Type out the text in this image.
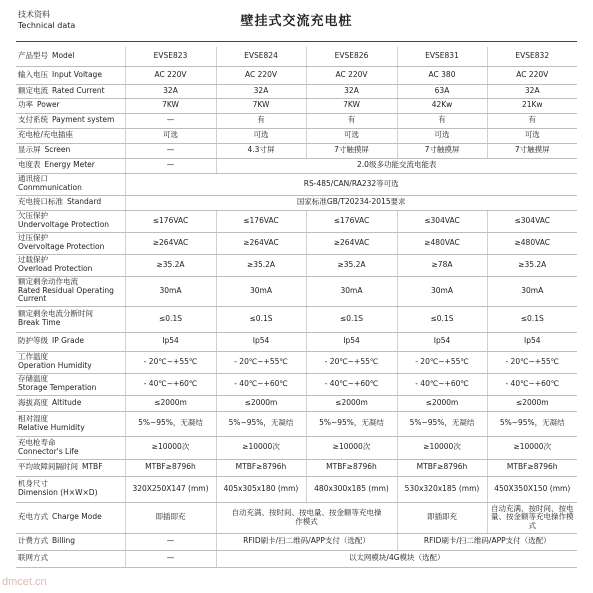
技术资料
Technical data	壁挂式交流充电桩
产品型号 Model	EVSE823	EVSE824	EVSE826	EVSE831	EVSE832
输入电压 Input Voltage	AC 220V	AC 220V	AC 220V	AC 380	AC 220V
额定电流 Rated Current	32A	32A	32A	63A	32A
功率 Power	7KW	7KW	7KW	42Kw	21Kw
支付系统 Payment system	—	有	有	有	有
充电枪/充电插座	可选	可选	可选	可选	可选
显示屏 Screen	—	4.3寸屏	7寸触摸屏	7寸触摸屏	7寸触摸屏
电度表 Energy Meter	—	2.0级多功能交流电能表			

通讯接口
Conmmunication	RS-485/CAN/RA232等可选				
充电接口标准 Standard	国家标准GB/T20234-2015要求				

欠压保护
Undervoltage Protection	≤176VAC	≤176VAC	≤176VAC	≤304VAC	≤304VAC

过压保护
Overvoltage Protection	≥264VAC	≥264VAC	≥264VAC	≥480VAC	≥480VAC

过载保护
Overload Protection	≥35.2A	≥35.2A	≥35.2A	≥78A	≥35.2A

额定剩余动作电流
Rated Residual Operating Current	30mA	30mA	30mA	30mA	30mA

额定剩余电流分断时间
Break Time	≤0.1S	≤0.1S	≤0.1S	≤0.1S	≤0.1S
防护等级 IP Grade	Ip54	Ip54	Ip54	Ip54	Ip54

工作温度
Operation Humidity	- 20℃~+55℃	- 20℃~+55℃	- 20℃~+55℃	- 20℃~+55℃	- 20℃~+55℃

存储温度
Storage Temperation	- 40℃~+60℃	- 40℃~+60℃	- 40℃~+60℃	- 40℃~+60℃	- 40℃~+60℃
海拔高度 Altitude	≤2000m	≤2000m	≤2000m	≤2000m	≤2000m

相对湿度
Relative Humidity	5%~95%，无凝结	5%~95%，无凝结	5%~95%，无凝结	5%~95%，无凝结	5%~95%，无凝结

充电枪寿命
Connector's Life	≥10000次	≥10000次	≥10000次	≥10000次	≥10000次
平均故障间隔时间 MTBF	MTBF≥8796h	MTBF≥8796h	MTBF≥8796h	MTBF≥8796h	MTBF≥8796h

机身尺寸
Dimension (H×W×D)	320X250X147 (mm)	405x305x180 (mm)	480x300x185 (mm)	530x320x185 (mm)	450X350X150 (mm)
充电方式 Charge Mode	即插即充	自动充满、按时间、按电量、按金额等充电操作模式		即插即充	自动充满、按时间、按电量、按金额等充电操作模式
计费方式 Billing	—	RFID刷卡/扫二维码/APP支付（选配）		RFID刷卡/扫二维码/APP支付（选配）	
联网方式	—	以太网模块/4G模块（选配）			
dmcet.cn
